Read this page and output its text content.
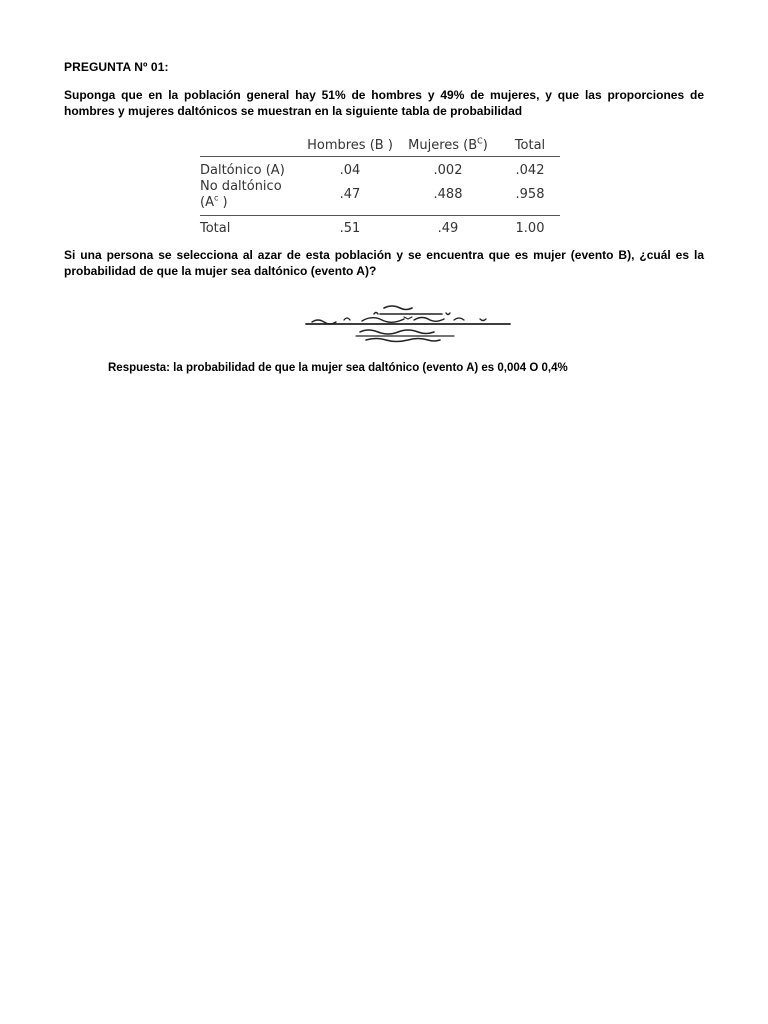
PREGUNTA Nº 01:
Suponga que en la población general hay 51% de hombres y 49% de mujeres, y que las proporciones de hombres y mujeres daltónicos se muestran en la siguiente tabla de probabilidad
	Hombres (B )	Mujeres $(B^C)$	Total
Daltónico (A)	.04	.002	.042
No daltónico ($A^c$ )	.47	.488	.958

Total	.51	.49	1.00
Si una persona se selecciona al azar de esta población y se encuentra que es mujer (evento B), ¿cuál es la probabilidad de que la mujer sea daltónico (evento A)?
Respuesta: la probabilidad de que la mujer sea daltónico (evento A) es 0,004 O 0,4%
